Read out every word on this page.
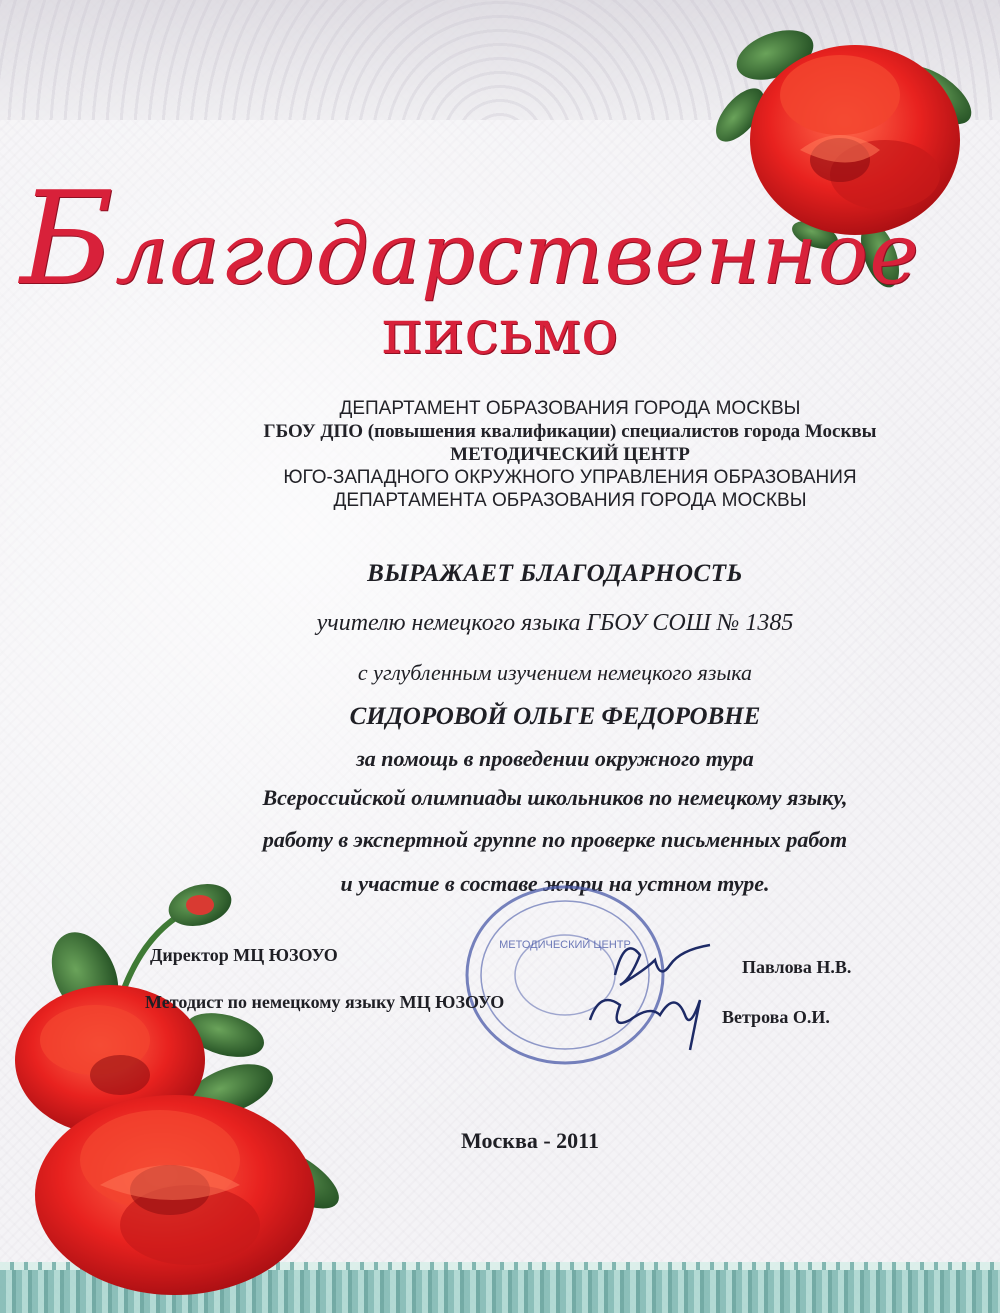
Благодарственное
письмо
ДЕПАРТАМЕНТ ОБРАЗОВАНИЯ ГОРОДА МОСКВЫ
ГБОУ ДПО (повышения квалификации) специалистов города Москвы
МЕТОДИЧЕСКИЙ ЦЕНТР
ЮГО-ЗАПАДНОГО ОКРУЖНОГО УПРАВЛЕНИЯ ОБРАЗОВАНИЯ
ДЕПАРТАМЕНТА ОБРАЗОВАНИЯ ГОРОДА МОСКВЫ
ВЫРАЖАЕТ БЛАГОДАРНОСТЬ
учителю немецкого языка ГБОУ СОШ № 1385
с углубленным изучением немецкого языка
СИДОРОВОЙ ОЛЬГЕ ФЕДОРОВНЕ
за помощь в проведении окружного тура
Всероссийской олимпиады школьников по немецкому языку,
работу в экспертной группе по проверке письменных работ
и участие в составе жюри на устном туре.
МЕТОДИЧЕСКИЙ ЦЕНТР
Директор МЦ ЮЗОУО
Павлова Н.В.
Методист по немецкому языку МЦ ЮЗОУО
Ветрова О.И.
Москва - 2011
